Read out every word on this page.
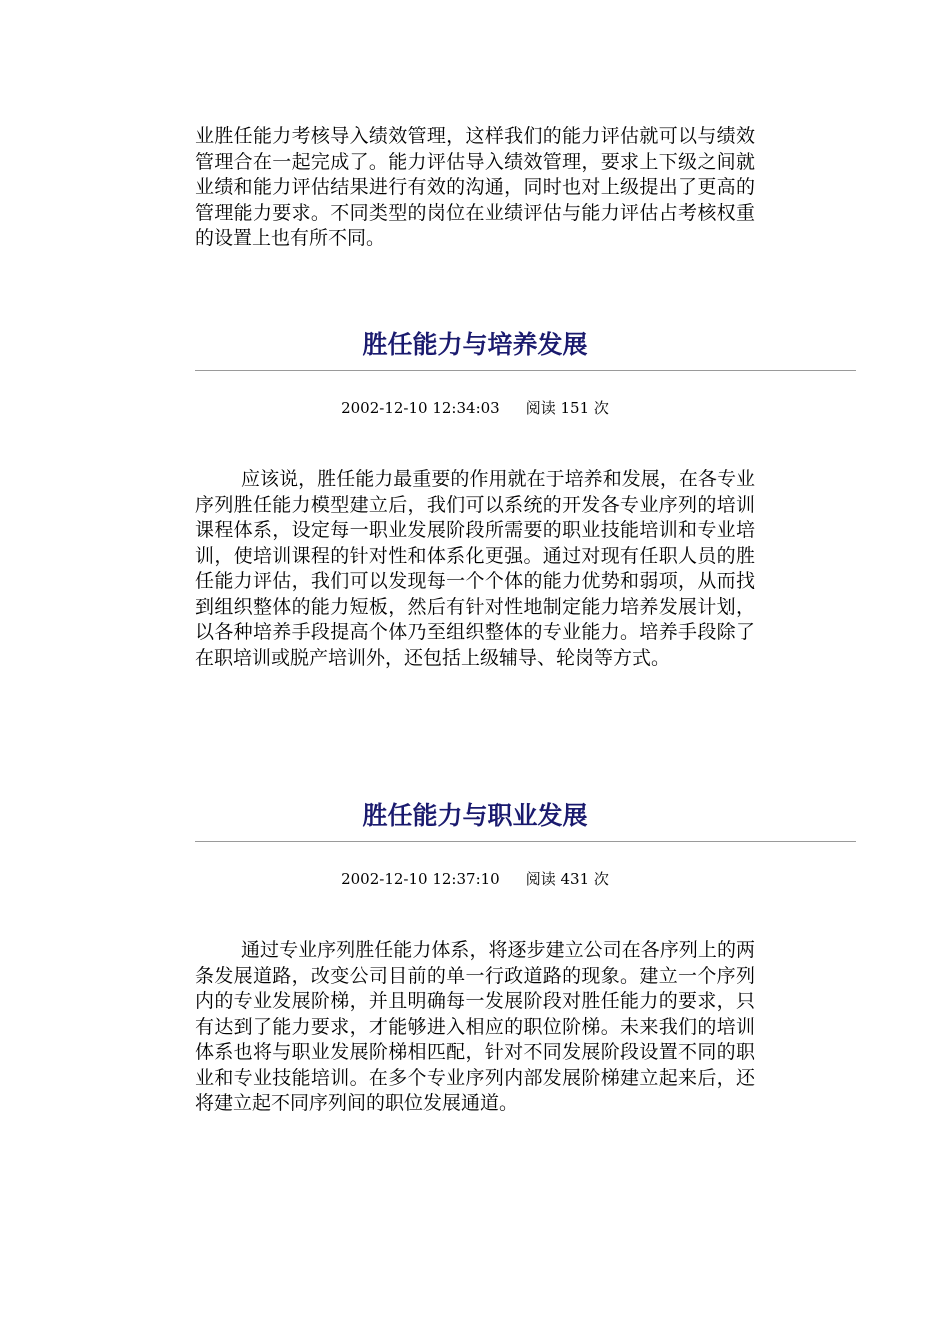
业胜任能力考核导入绩效管理，这样我们的能力评估就可以与绩效管理合在一起完成了。能力评估导入绩效管理，要求上下级之间就业绩和能力评估结果进行有效的沟通，同时也对上级提出了更高的管理能力要求。不同类型的岗位在业绩评估与能力评估占考核权重的设置上也有所不同。

胜任能力与培养发展
2002-12-10 12:34:03 阅读 151 次

应该说，胜任能力最重要的作用就在于培养和发展，在各专业序列胜任能力模型建立后，我们可以系统的开发各专业序列的培训课程体系，设定每一职业发展阶段所需要的职业技能培训和专业培训，使培训课程的针对性和体系化更强。通过对现有任职人员的胜任能力评估，我们可以发现每一个个体的能力优势和弱项，从而找到组织整体的能力短板，然后有针对性地制定能力培养发展计划，以各种培养手段提高个体乃至组织整体的专业能力。培养手段除了在职培训或脱产培训外，还包括上级辅导、轮岗等方式。

胜任能力与职业发展
2002-12-10 12:37:10 阅读 431 次

通过专业序列胜任能力体系，将逐步建立公司在各序列上的两条发展道路，改变公司目前的单一行政道路的现象。建立一个序列内的专业发展阶梯，并且明确每一发展阶段对胜任能力的要求，只有达到了能力要求，才能够进入相应的职位阶梯。未来我们的培训体系也将与职业发展阶梯相匹配，针对不同发展阶段设置不同的职业和专业技能培训。在多个专业序列内部发展阶梯建立起来后，还将建立起不同序列间的职位发展通道。
